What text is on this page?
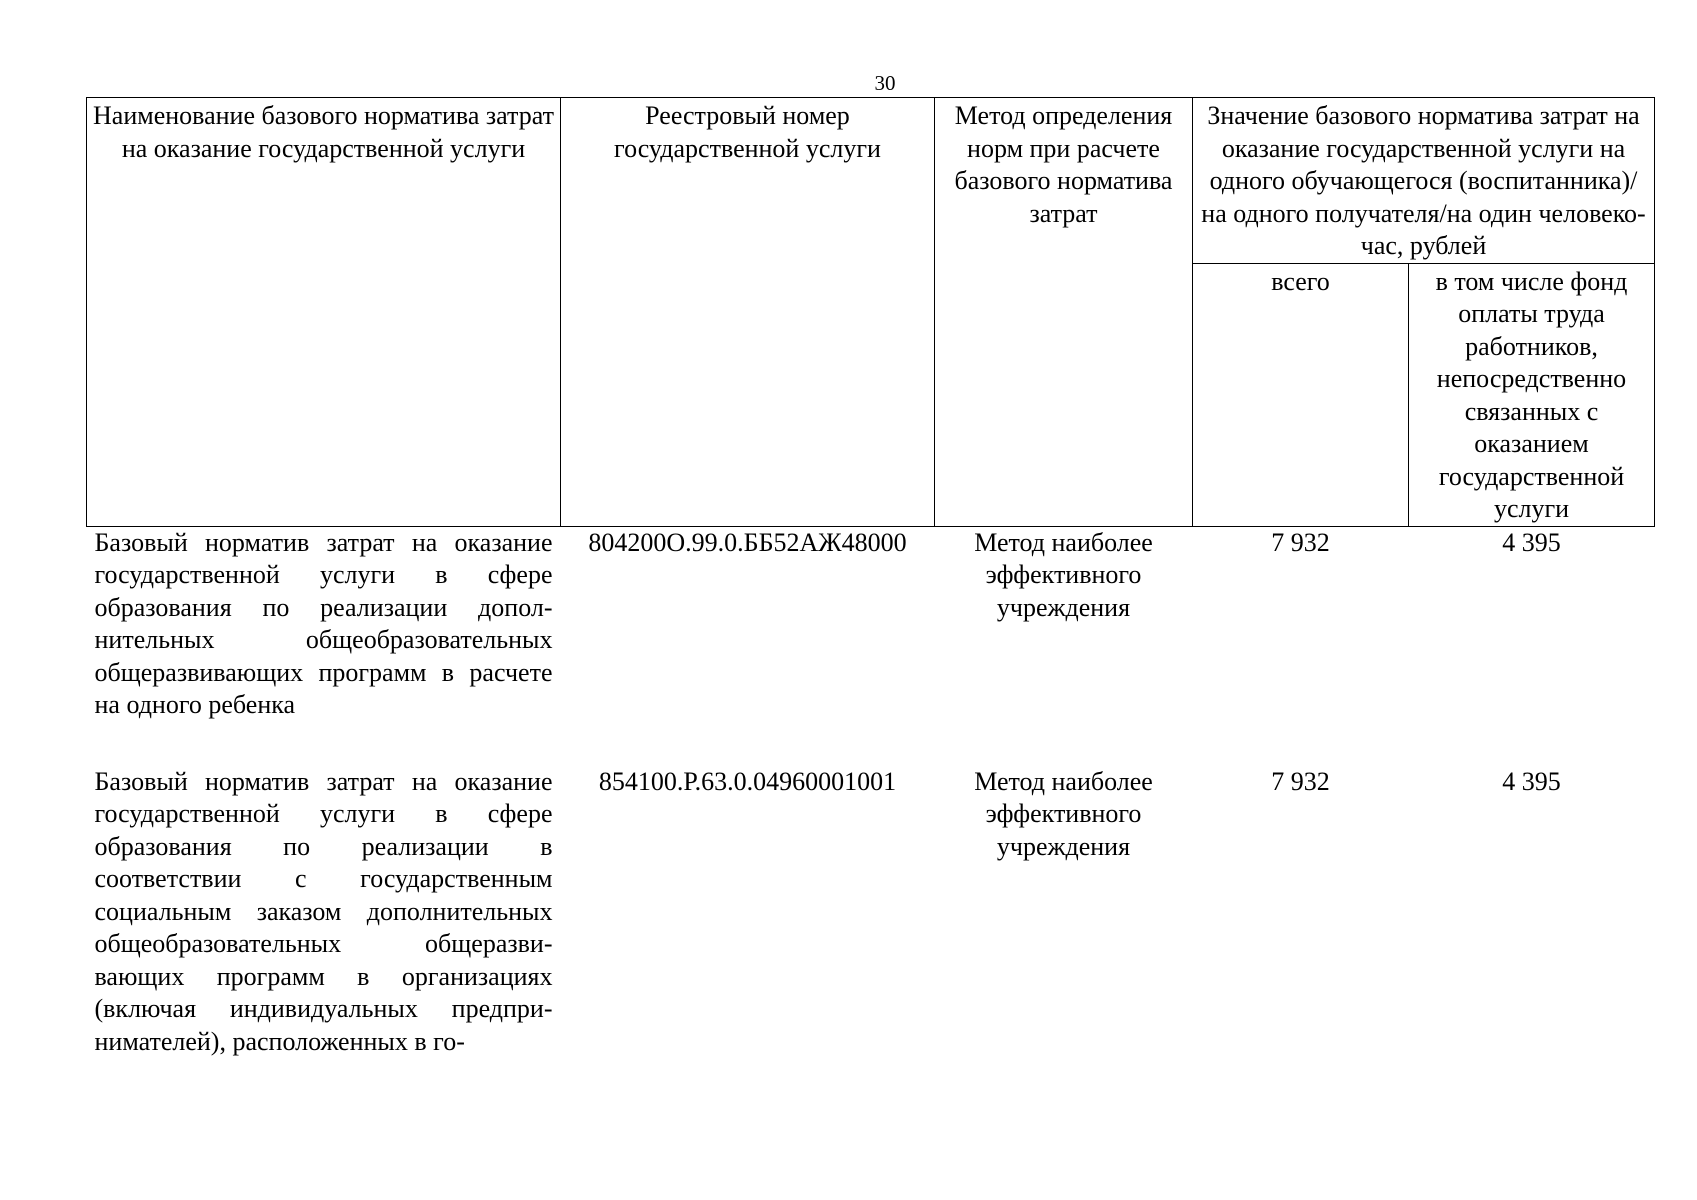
30
Наименование базового норматива затрат на оказание государственной услуги	Реестровый номер государственной услуги	Метод определения норм при расчете базового норматива затрат	Значение базового норматива затрат на оказание государственной услуги на одного обучающегося (воспитанника)/на одного получателя/на один человеко-час, рублей	
			всего	в том числе фонд оплаты труда работников, непосредственно связанных с оказанием государственной услуги
Базовый норматив затрат на оказание государственной услуги в сфере образования по реализации дополнительных общеобразовательных общеразвивающих программ в расчете на одного ребенка	804200О.99.0.ББ52АЖ48000	Метод наиболее эффективного учреждения	7 932	4 395
Базовый норматив затрат на оказание государственной услуги в сфере образования по реализации в соответствии с государственным социальным заказом дополнительных общеобразовательных общеразвивающих программ в организациях (включая индивидуальных предпринимателей), расположенных в го-	854100.Р.63.0.04960001001	Метод наиболее эффективного учреждения	7 932	4 395
